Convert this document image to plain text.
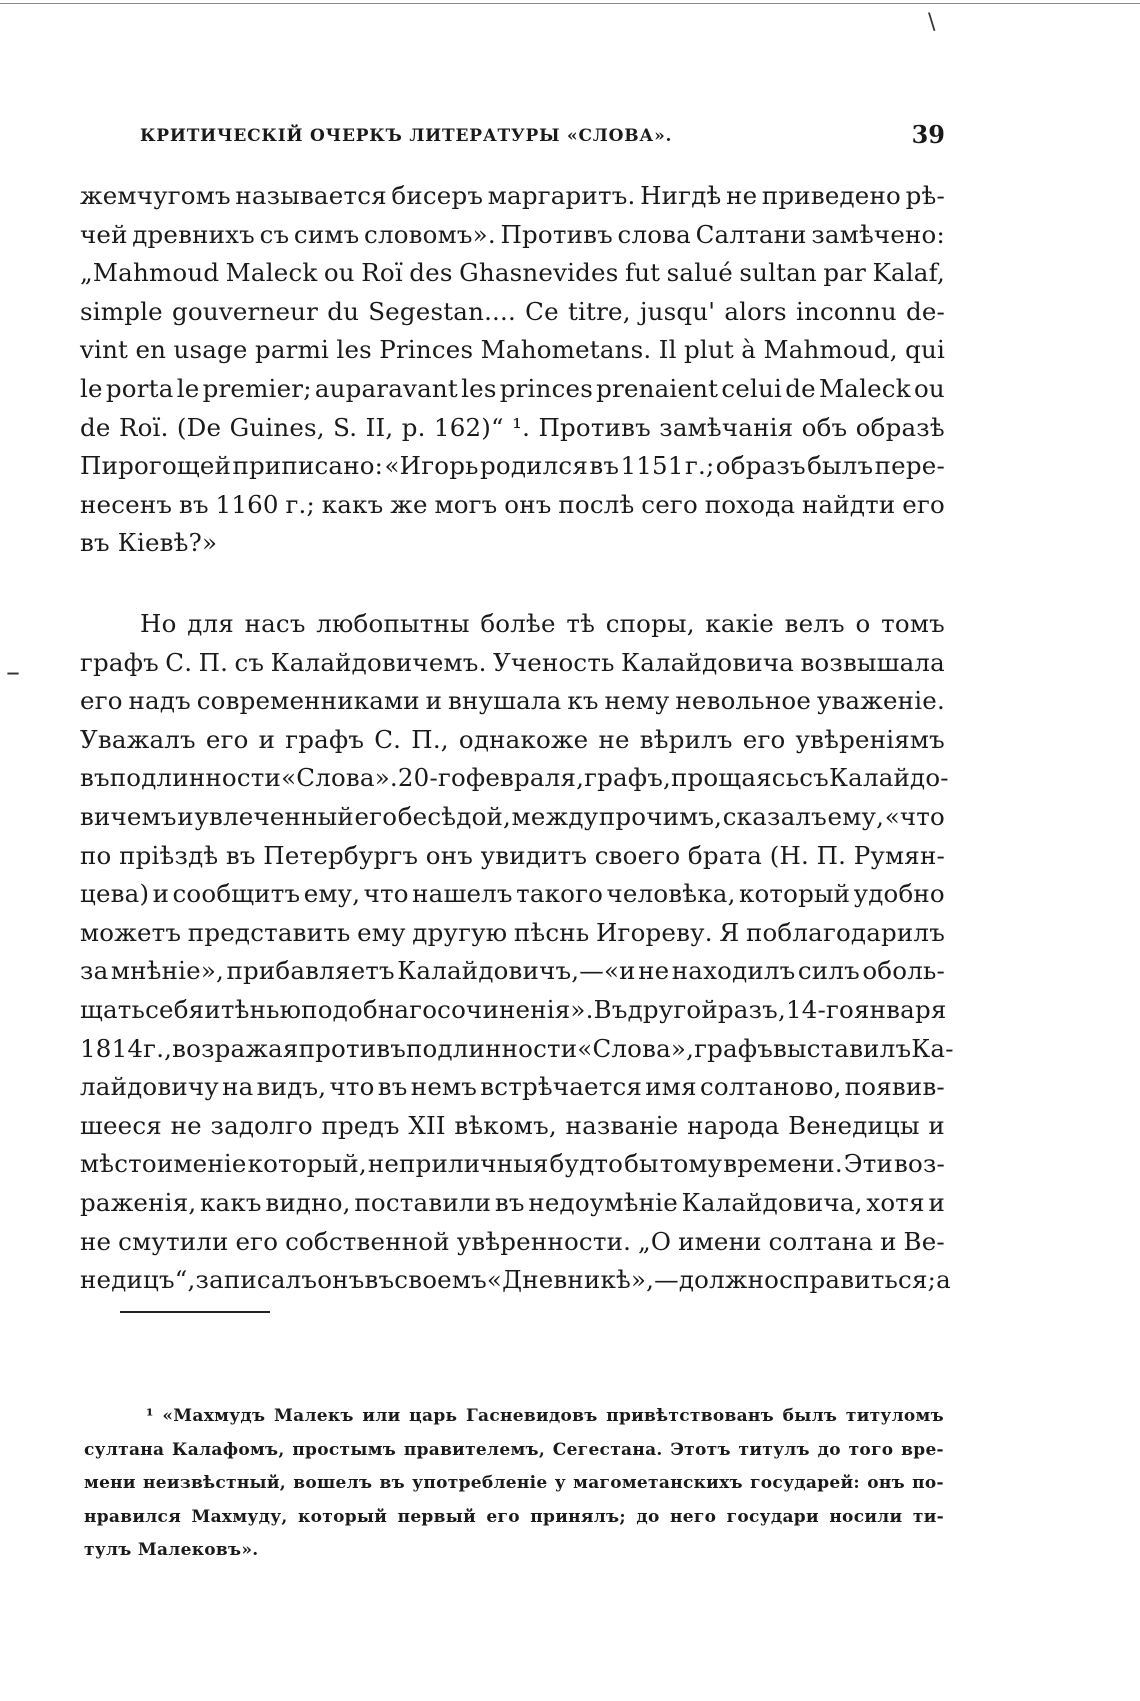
\
–
КРИТИЧЕСКІЙ ОЧЕРКЪ ЛИТЕРАТУРЫ «СЛОВА».	39
жемчугомъ называется бисеръ маргаритъ. Нигдѣ не приведено рѣ-
чей древнихъ съ симъ словомъ». Противъ слова Салтани замѣчено:
„Mahmoud Maleck ou Roï des Ghasnevides fut salué sultan par Kalaf,
simple gouverneur du Segestan.... Ce titre, jusqu' alors inconnu de-
vint en usage parmi les Princes Mahometans. Il plut à Mahmoud, qui
le porta le premier; auparavant les princes prenaient celui de Maleck ou
de Roï. (De Guines, S. II, p. 162)“ ¹. Противъ замѣчанія объ образѣ
Пирогощей приписано: «Игорь родился въ 1151 г.; образъ былъ пере-
несенъ въ 1160 г.; какъ же могъ онъ послѣ сего похода найдти его
въ Кіевѣ?»
Но для насъ любопытны болѣе тѣ споры, какіе велъ о томъ
графъ С. П. съ Калайдовичемъ. Ученость Калайдовича возвышала
его надъ современниками и внушала къ нему невольное уваженіе.
Уважалъ его и графъ С. П., однакоже не вѣрилъ его увѣреніямъ
въ подлинности «Слова». 20-го февраля, графъ, прощаясь съ Калайдо-
вичемъ и увлеченный его бесѣдой, между прочимъ, сказалъ ему, «что
по пріѣздѣ въ Петербургъ онъ увидитъ своего брата (Н. П. Румян-
цева) и сообщитъ ему, что нашелъ такого человѣка, который удобно
можетъ представить ему другую пѣснь Игореву. Я поблагодарилъ
за мнѣніе», прибавляетъ Калайдовичъ,—«и не находилъ силъ оболь-
щать себя и тѣнью подобнаго сочиненія». Въ другой разъ, 14-го января
1814 г., возражая противъ подлинности«Слова», графъ выставилъ Ка-
лайдовичу на видъ, что въ немъ встрѣчается имя солтаново, появив-
шееся не задолго предъ XII вѣкомъ, названіе народа Венедицы и
мѣстоименіе который, неприличныя будто бы тому времени. Эти воз-
раженія, какъ видно, поставили въ недоумѣніе Калайдовича, хотя и
не смутили его собственной увѣренности. „О имени солтана и Ве-
недицъ“, записалъ онъ въ своемъ «Дневникѣ»,—должно справиться; а
¹ «Махмудъ Малекъ или царь Гасневидовъ привѣтствованъ былъ титуломъ
султана Калафомъ, простымъ правителемъ, Сегестана. Этотъ титулъ до того вре-
мени неизвѣстный, вошелъ въ употребленіе у магометанскихъ государей: онъ по-
нравился Махмуду, который первый его принялъ; до него государи носили ти-
тулъ Малековъ».
